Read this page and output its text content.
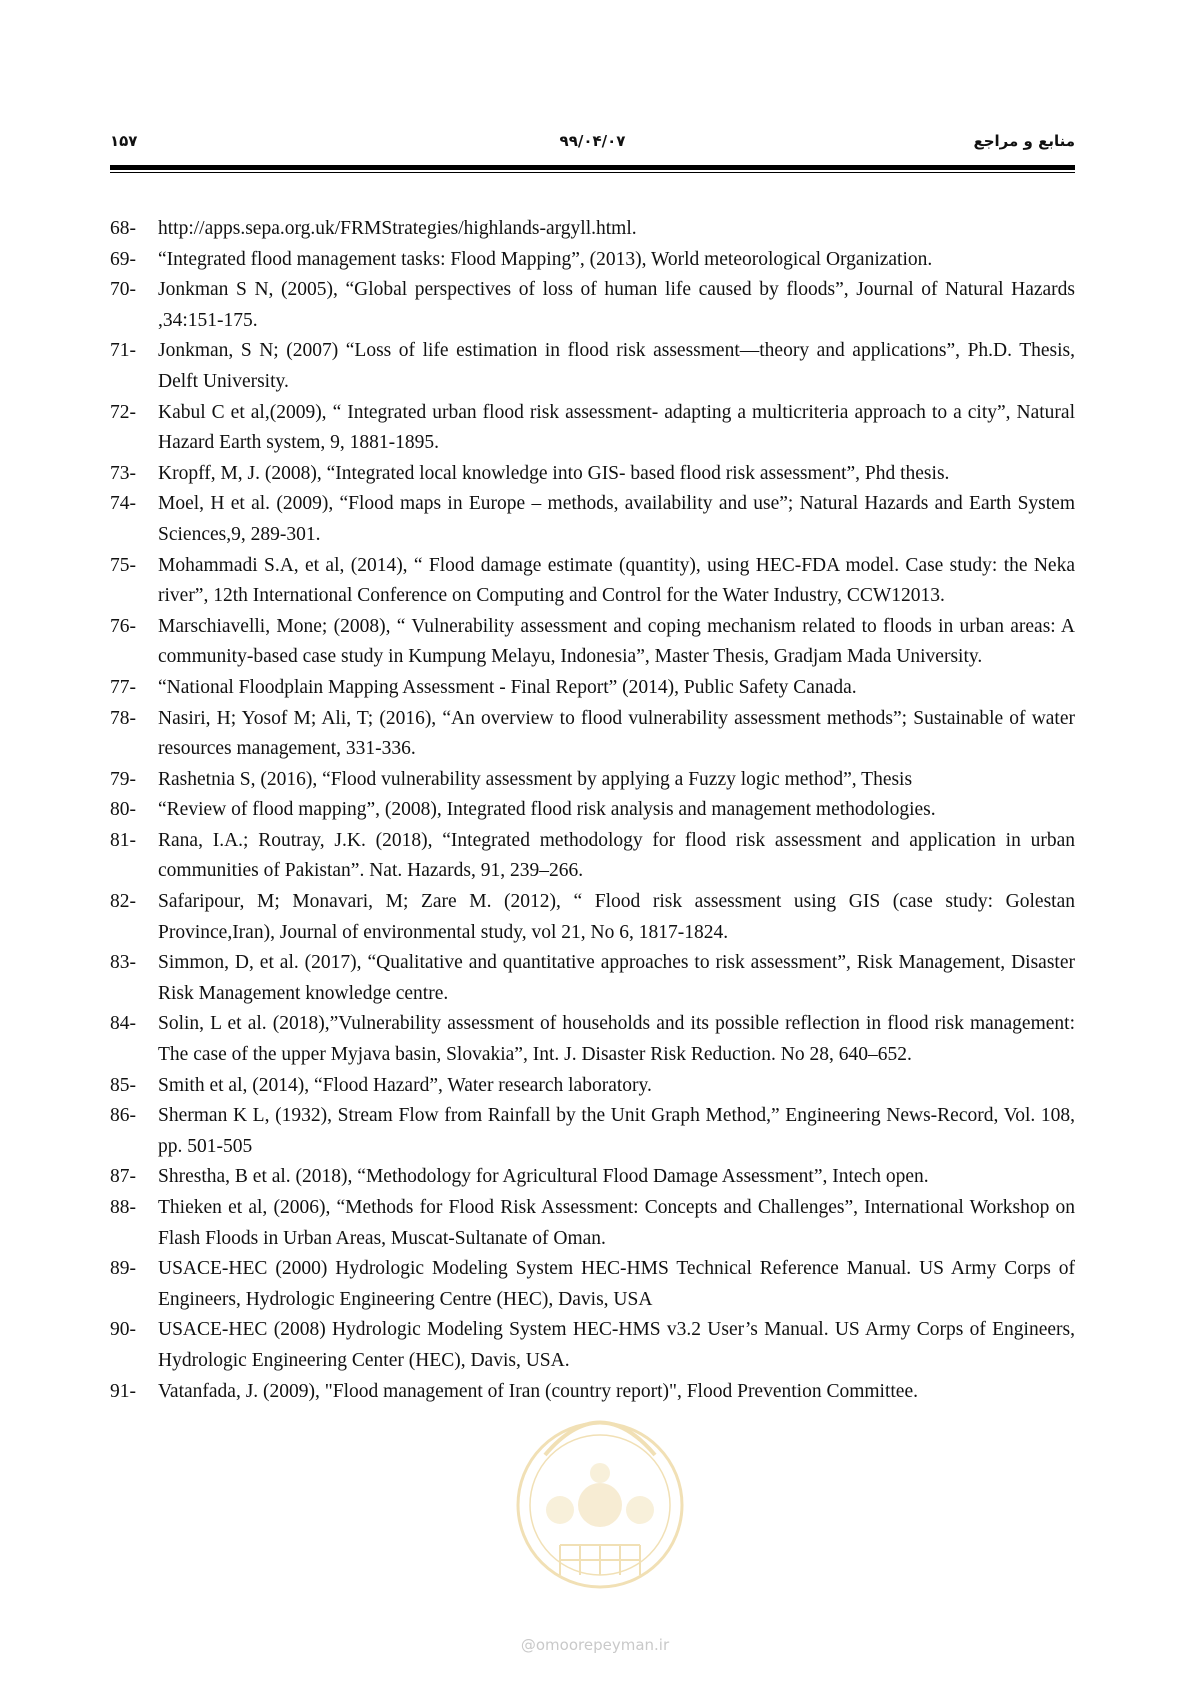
۱۵۷	۹۹/۰۴/۰۷	منابع و مراجع
68- http://apps.sepa.org.uk/FRMStrategies/highlands-argyll.html.
69- “Integrated flood management tasks: Flood Mapping”, (2013), World meteorological Organization.
70- Jonkman S N, (2005), “Global perspectives of loss of human life caused by floods”, Journal of Natural Hazards ,34:151-175.
71- Jonkman, S N; (2007) “Loss of life estimation in flood risk assessment—theory and applications”, Ph.D. Thesis, Delft University.
72- Kabul C et al,(2009), “ Integrated urban flood risk assessment- adapting a multicriteria approach to a city”, Natural Hazard Earth system, 9, 1881-1895.
73- Kropff, M, J. (2008), “Integrated local knowledge into GIS- based flood risk assessment”, Phd thesis.
74- Moel, H et al. (2009), “Flood maps in Europe – methods, availability and use”; Natural Hazards and Earth System Sciences,9, 289-301.
75- Mohammadi S.A, et al, (2014), “ Flood damage estimate (quantity), using HEC-FDA model. Case study: the Neka river”, 12th International Conference on Computing and Control for the Water Industry, CCW12013.
76- Marschiavelli, Mone; (2008), “ Vulnerability assessment and coping mechanism related to floods in urban areas: A community-based case study in Kumpung Melayu, Indonesia”, Master Thesis, Gradjam Mada University.
77- “National Floodplain Mapping Assessment - Final Report” (2014), Public Safety Canada.
78- Nasiri, H; Yosof M; Ali, T; (2016), “An overview to flood vulnerability assessment methods”; Sustainable of water resources management, 331-336.
79- Rashetnia S, (2016), “Flood vulnerability assessment by applying a Fuzzy logic method”, Thesis
80- “Review of flood mapping”, (2008), Integrated flood risk analysis and management methodologies.
81- Rana, I.A.; Routray, J.K. (2018), “Integrated methodology for flood risk assessment and application in urban communities of Pakistan”. Nat. Hazards, 91, 239–266.
82- Safaripour, M; Monavari, M; Zare M. (2012), “ Flood risk assessment using GIS (case study: Golestan Province,Iran), Journal of environmental study, vol 21, No 6, 1817-1824.
83- Simmon, D, et al. (2017), “Qualitative and quantitative approaches to risk assessment”, Risk Management, Disaster Risk Management knowledge centre.
84- Solin, L et al. (2018),”Vulnerability assessment of households and its possible reflection in flood risk management: The case of the upper Myjava basin, Slovakia”, Int. J. Disaster Risk Reduction. No 28, 640–652.
85- Smith et al, (2014), “Flood Hazard”, Water research laboratory.
86- Sherman K L, (1932), Stream Flow from Rainfall by the Unit Graph Method,” Engineering News-Record, Vol. 108, pp. 501-505
87- Shrestha, B et al. (2018), “Methodology for Agricultural Flood Damage Assessment”, Intech open.
88- Thieken et al, (2006), “Methods for Flood Risk Assessment: Concepts and Challenges”, International Workshop on Flash Floods in Urban Areas, Muscat-Sultanate of Oman.
89- USACE-HEC (2000) Hydrologic Modeling System HEC-HMS Technical Reference Manual. US Army Corps of Engineers, Hydrologic Engineering Centre (HEC), Davis, USA
90- USACE-HEC (2008) Hydrologic Modeling System HEC-HMS v3.2 User’s Manual. US Army Corps of Engineers, Hydrologic Engineering Center (HEC), Davis, USA.
91- Vatanfada, J. (2009), "Flood management of Iran (country report)", Flood Prevention Committee.
@omoorepeyman.ir
